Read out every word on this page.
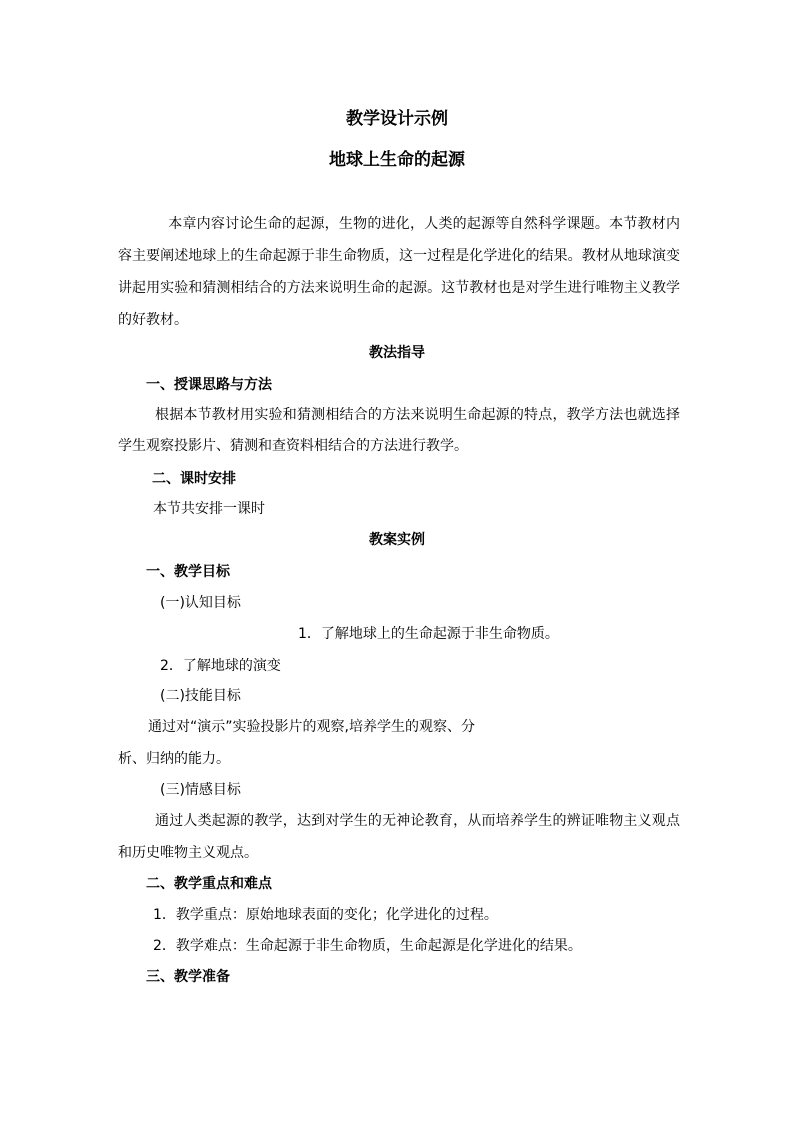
教学设计示例
地球上生命的起源
本章内容讨论生命的起源，生物的进化，人类的起源等自然科学课题。本节教材内
容主要阐述地球上的生命起源于非生命物质，这一过程是化学进化的结果。教材从地球演变
讲起用实验和猜测相结合的方法来说明生命的起源。这节教材也是对学生进行唯物主义教学
的好教材。
教法指导
一、授课思路与方法
根据本节教材用实验和猜测相结合的方法来说明生命起源的特点，教学方法也就选择
学生观察投影片、猜测和查资料相结合的方法进行教学。
二、课时安排
本节共安排一课时
教案实例
一、教学目标
(一)认知目标
1．了解地球上的生命起源于非生命物质。
2．了解地球的演变
(二)技能目标
通过对“演示”实验投影片的观察,培养学生的观察、分
析、归纳的能力。
(三)情感目标
通过人类起源的教学，达到对学生的无神论教育，从而培养学生的辨证唯物主义观点
和历史唯物主义观点。
二、教学重点和难点
1．教学重点：原始地球表面的变化；化学进化的过程。
2．教学难点：生命起源于非生命物质，生命起源是化学进化的结果。
三、教学准备
